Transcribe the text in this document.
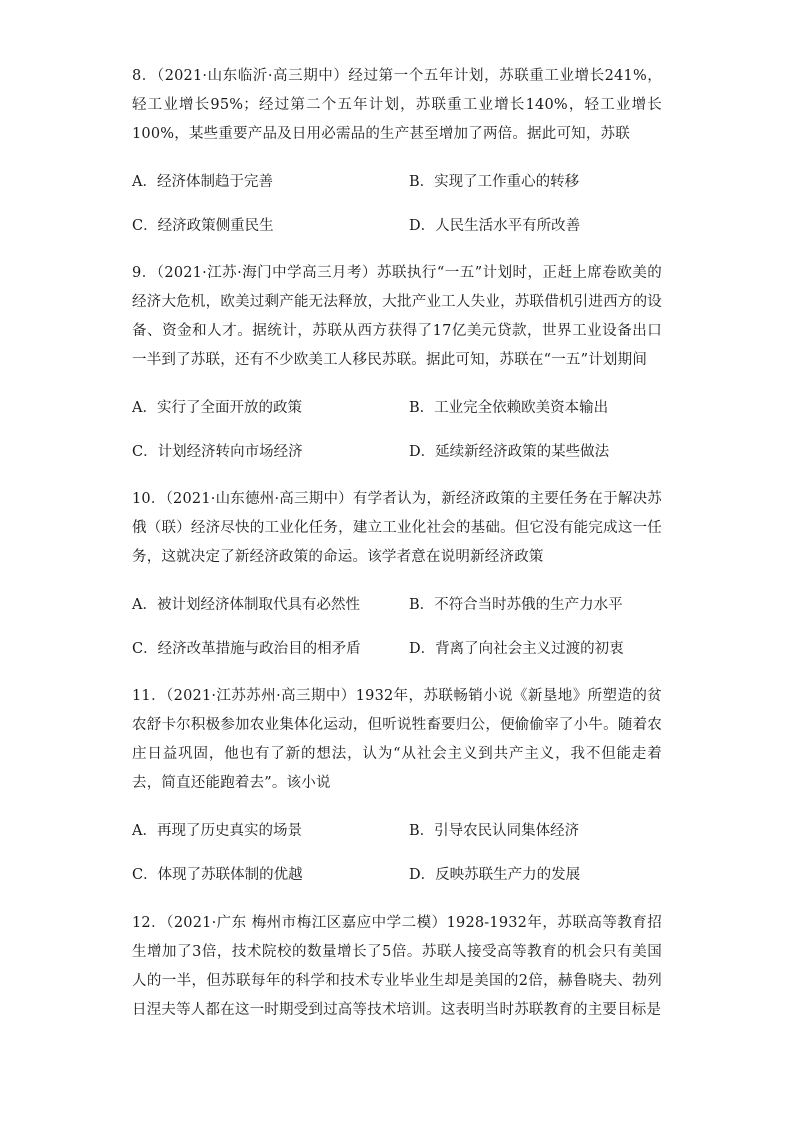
8．（2021·山东临沂·高三期中）经过第一个五年计划，苏联重工业增长241%，轻工业增长95%；经过第二个五年计划，苏联重工业增长140%，轻工业增长100%，某些重要产品及日用必需品的生产甚至增加了两倍。据此可知，苏联

A．经济体制趋于完善	B．实现了工作重心的转移
C．经济政策侧重民生	D．人民生活水平有所改善

9．（2021·江苏·海门中学高三月考）苏联执行“一五”计划时，正赶上席卷欧美的经济大危机，欧美过剩产能无法释放，大批产业工人失业，苏联借机引进西方的设备、资金和人才。据统计，苏联从西方获得了17亿美元贷款，世界工业设备出口一半到了苏联，还有不少欧美工人移民苏联。据此可知，苏联在“一五”计划期间

A．实行了全面开放的政策	B．工业完全依赖欧美资本输出
C．计划经济转向市场经济	D．延续新经济政策的某些做法

10．（2021·山东德州·高三期中）有学者认为，新经济政策的主要任务在于解决苏俄（联）经济尽快的工业化任务，建立工业化社会的基础。但它没有能完成这一任务，这就决定了新经济政策的命运。该学者意在说明新经济政策

A．被计划经济体制取代具有必然性	B．不符合当时苏俄的生产力水平
C．经济改革措施与政治目的相矛盾	D．背离了向社会主义过渡的初衷

11．（2021·江苏苏州·高三期中）1932年，苏联畅销小说《新垦地》所塑造的贫农舒卡尔积极参加农业集体化运动，但听说牲畜要归公，便偷偷宰了小牛。随着农庄日益巩固，他也有了新的想法，认为“从社会主义到共产主义，我不但能走着去，简直还能跑着去”。该小说

A．再现了历史真实的场景	B．引导农民认同集体经济
C．体现了苏联体制的优越	D．反映苏联生产力的发展

12．（2021·广东 梅州市梅江区嘉应中学二模）1928-1932年，苏联高等教育招生增加了3倍，技术院校的数量增长了5倍。苏联人接受高等教育的机会只有美国人的一半，但苏联每年的科学和技术专业毕业生却是美国的2倍，赫鲁晓夫、勃列日涅夫等人都在这一时期受到过高等技术培训。这表明当时苏联教育的主要目标是
